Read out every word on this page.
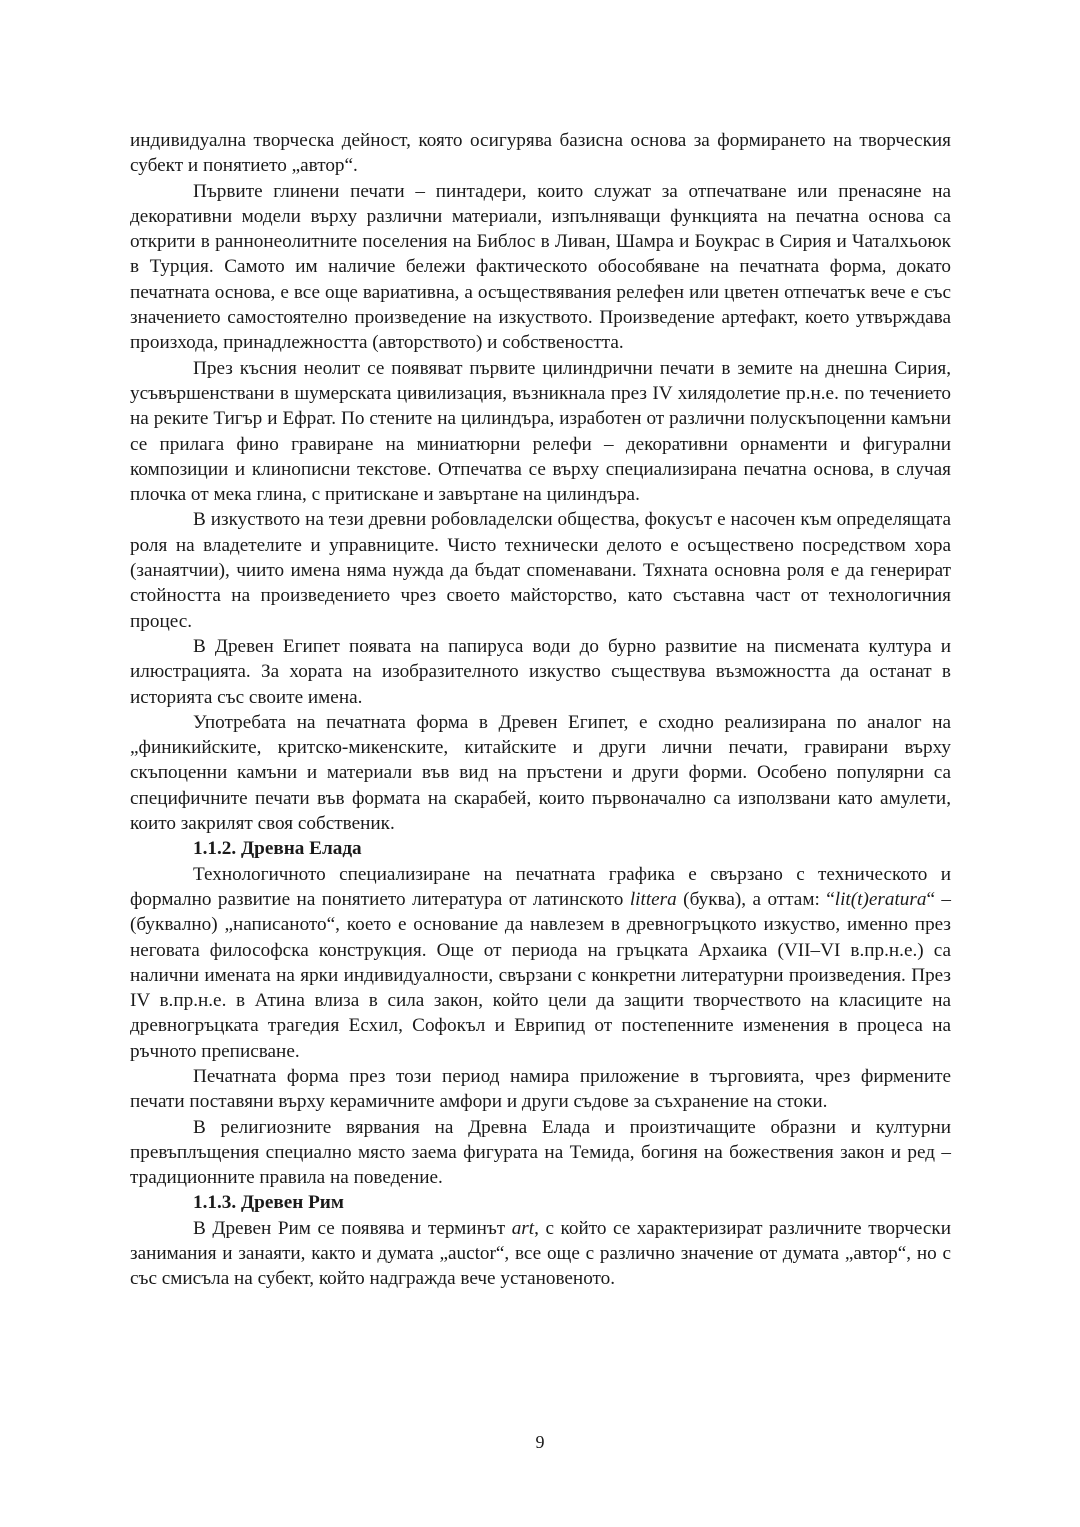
индивидуална творческа дейност, която осигурява базисна основа за формирането на творческия субект и понятието „автор“.

Първите глинени печати – пинтадери, които служат за отпечатване или пренасяне на декоративни модели върху различни материали, изпълняващи функцията на печатна основа са открити в раннонеолитните поселения на Библос в Ливан, Шамра и Боукрас в Сирия и Чаталхьоюк в Турция. Самото им наличие бележи фактическото обособяване на печатната форма, докато печатната основа, е все още вариативна, а осъществявания релефен или цветен отпечатък вече е със значението самостоятелно произведение на изкуството. Произведение артефакт, което утвърждава произхода, принадлежността (авторството) и собствеността.

През късния неолит се появяват първите цилиндрични печати в земите на днешна Сирия, усъвършенствани в шумерската цивилизация, възникнала през IV хилядолетие пр.н.е. по течението на реките Тигър и Ефрат. По стените на цилиндъра, изработен от различни полускъпоценни камъни се прилага фино гравиране на миниатюрни релефи – декоративни орнаменти и фигурални композиции и клинописни текстове. Отпечатва се върху специализирана печатна основа, в случая плочка от мека глина, с притискане и завъртане на цилиндъра.

В изкуството на тези древни робовладелски общества, фокусът е насочен към определящата роля на владетелите и управниците. Чисто технически делото е осъществено посредством хора (занаятчии), чиито имена няма нужда да бъдат споменавани. Тяхната основна роля е да генерират стойността на произведението чрез своето майсторство, като съставна част от технологичния процес.

В Древен Египет появата на папируса води до бурно развитие на писмената култура и илюстрацията. За хората на изобразителното изкуство съществува възможността да останат в историята със своите имена.

Употребата на печатната форма в Древен Египет, е сходно реализирана по аналог на „финикийските, критско-микенските, китайските и други лични печати, гравирани върху скъпоценни камъни и материали във вид на пръстени и други форми. Особено популярни са специфичните печати във формата на скарабей, които първоначално са използвани като амулети, които закрилят своя собственик.

1.1.2. Древна Елада

Технологичното специализиране на печатната графика е свързано с техническото и формално развитие на понятието литература от латинското littera (буква), а оттам: “lit(t)eratura“ – (буквално) „написаното“, което е основание да навлезем в древногръцкото изкуство, именно през неговата философска конструкция. Още от периода на гръцката Архаика (VII–VI в.пр.н.е.) са налични имената на ярки индивидуалности, свързани с конкретни литературни произведения. През IV в.пр.н.е. в Атина влиза в сила закон, който цели да защити творчеството на класиците на древногръцката трагедия Есхил, Софокъл и Еврипид от постепенните изменения в процеса на ръчното преписване.

Печатната форма през този период намира приложение в търговията, чрез фирмените печати поставяни върху керамичните амфори и други съдове за съхранение на стоки.

В религиозните вярвания на Древна Елада и произтичащите образни и културни превъплъщения специално място заема фигурата на Темида, богиня на божествения закон и ред – традиционните правила на поведение.

1.1.3. Древен Рим

В Древен Рим се появява и терминът art, с който се характеризират различните творчески занимания и занаяти, както и думата „auctor“, все още с различно значение от думата „автор“, но с със смисъла на субект, който надгражда вече установеното.

9
